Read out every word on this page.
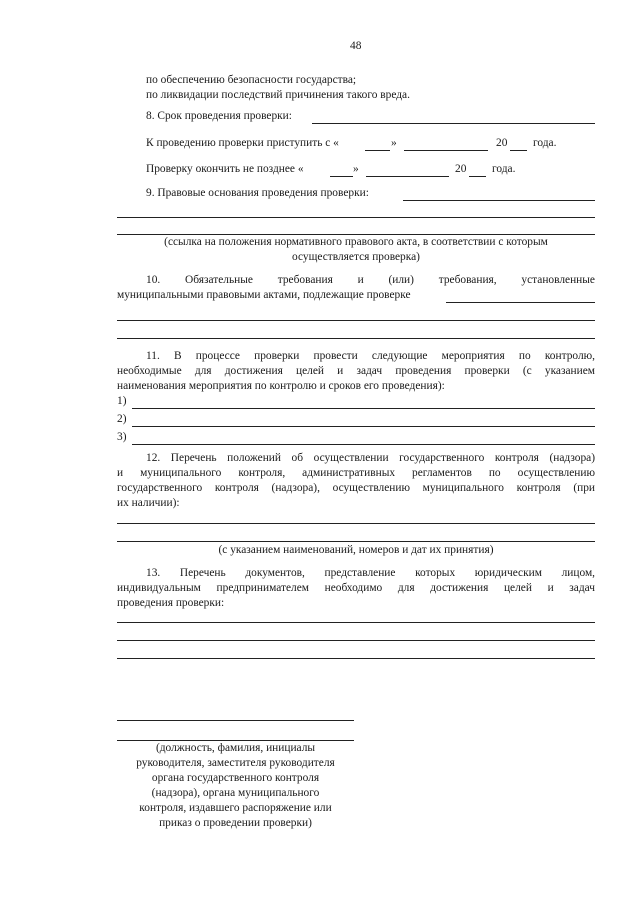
48
по обеспечению безопасности государства;
по ликвидации последствий причинения такого вреда.
8. Срок проведения проверки:
К проведению проверки приступить с «	»	20 года.
Проверку окончить не позднее «	»	20 года.
9. Правовые основания проведения проверки:
(ссылка на положения нормативного правового акта, в соответствии с которым
осуществляется проверка)
10. Обязательные требования и (или) требования, установленные
муниципальными правовыми актами, подлежащие проверке
11. В процессе проверки провести следующие мероприятия по контролю,
необходимые для достижения целей и задач проведения проверки (с указанием
наименования мероприятия по контролю и сроков его проведения):
1)
2)
3)
12. Перечень положений об осуществлении государственного контроля (надзора)
и муниципального контроля, административных регламентов по осуществлению
государственного контроля (надзора), осуществлению муниципального контроля (при
их наличии):
(с указанием наименований, номеров и дат их принятия)
13. Перечень документов, представление которых юридическим лицом,
индивидуальным предпринимателем необходимо для достижения целей и задач
проведения проверки:
(должность, фамилия, инициалы
руководителя, заместителя руководителя
органа государственного контроля
(надзора), органа муниципального
контроля, издавшего распоряжение или
приказ о проведении проверки)
